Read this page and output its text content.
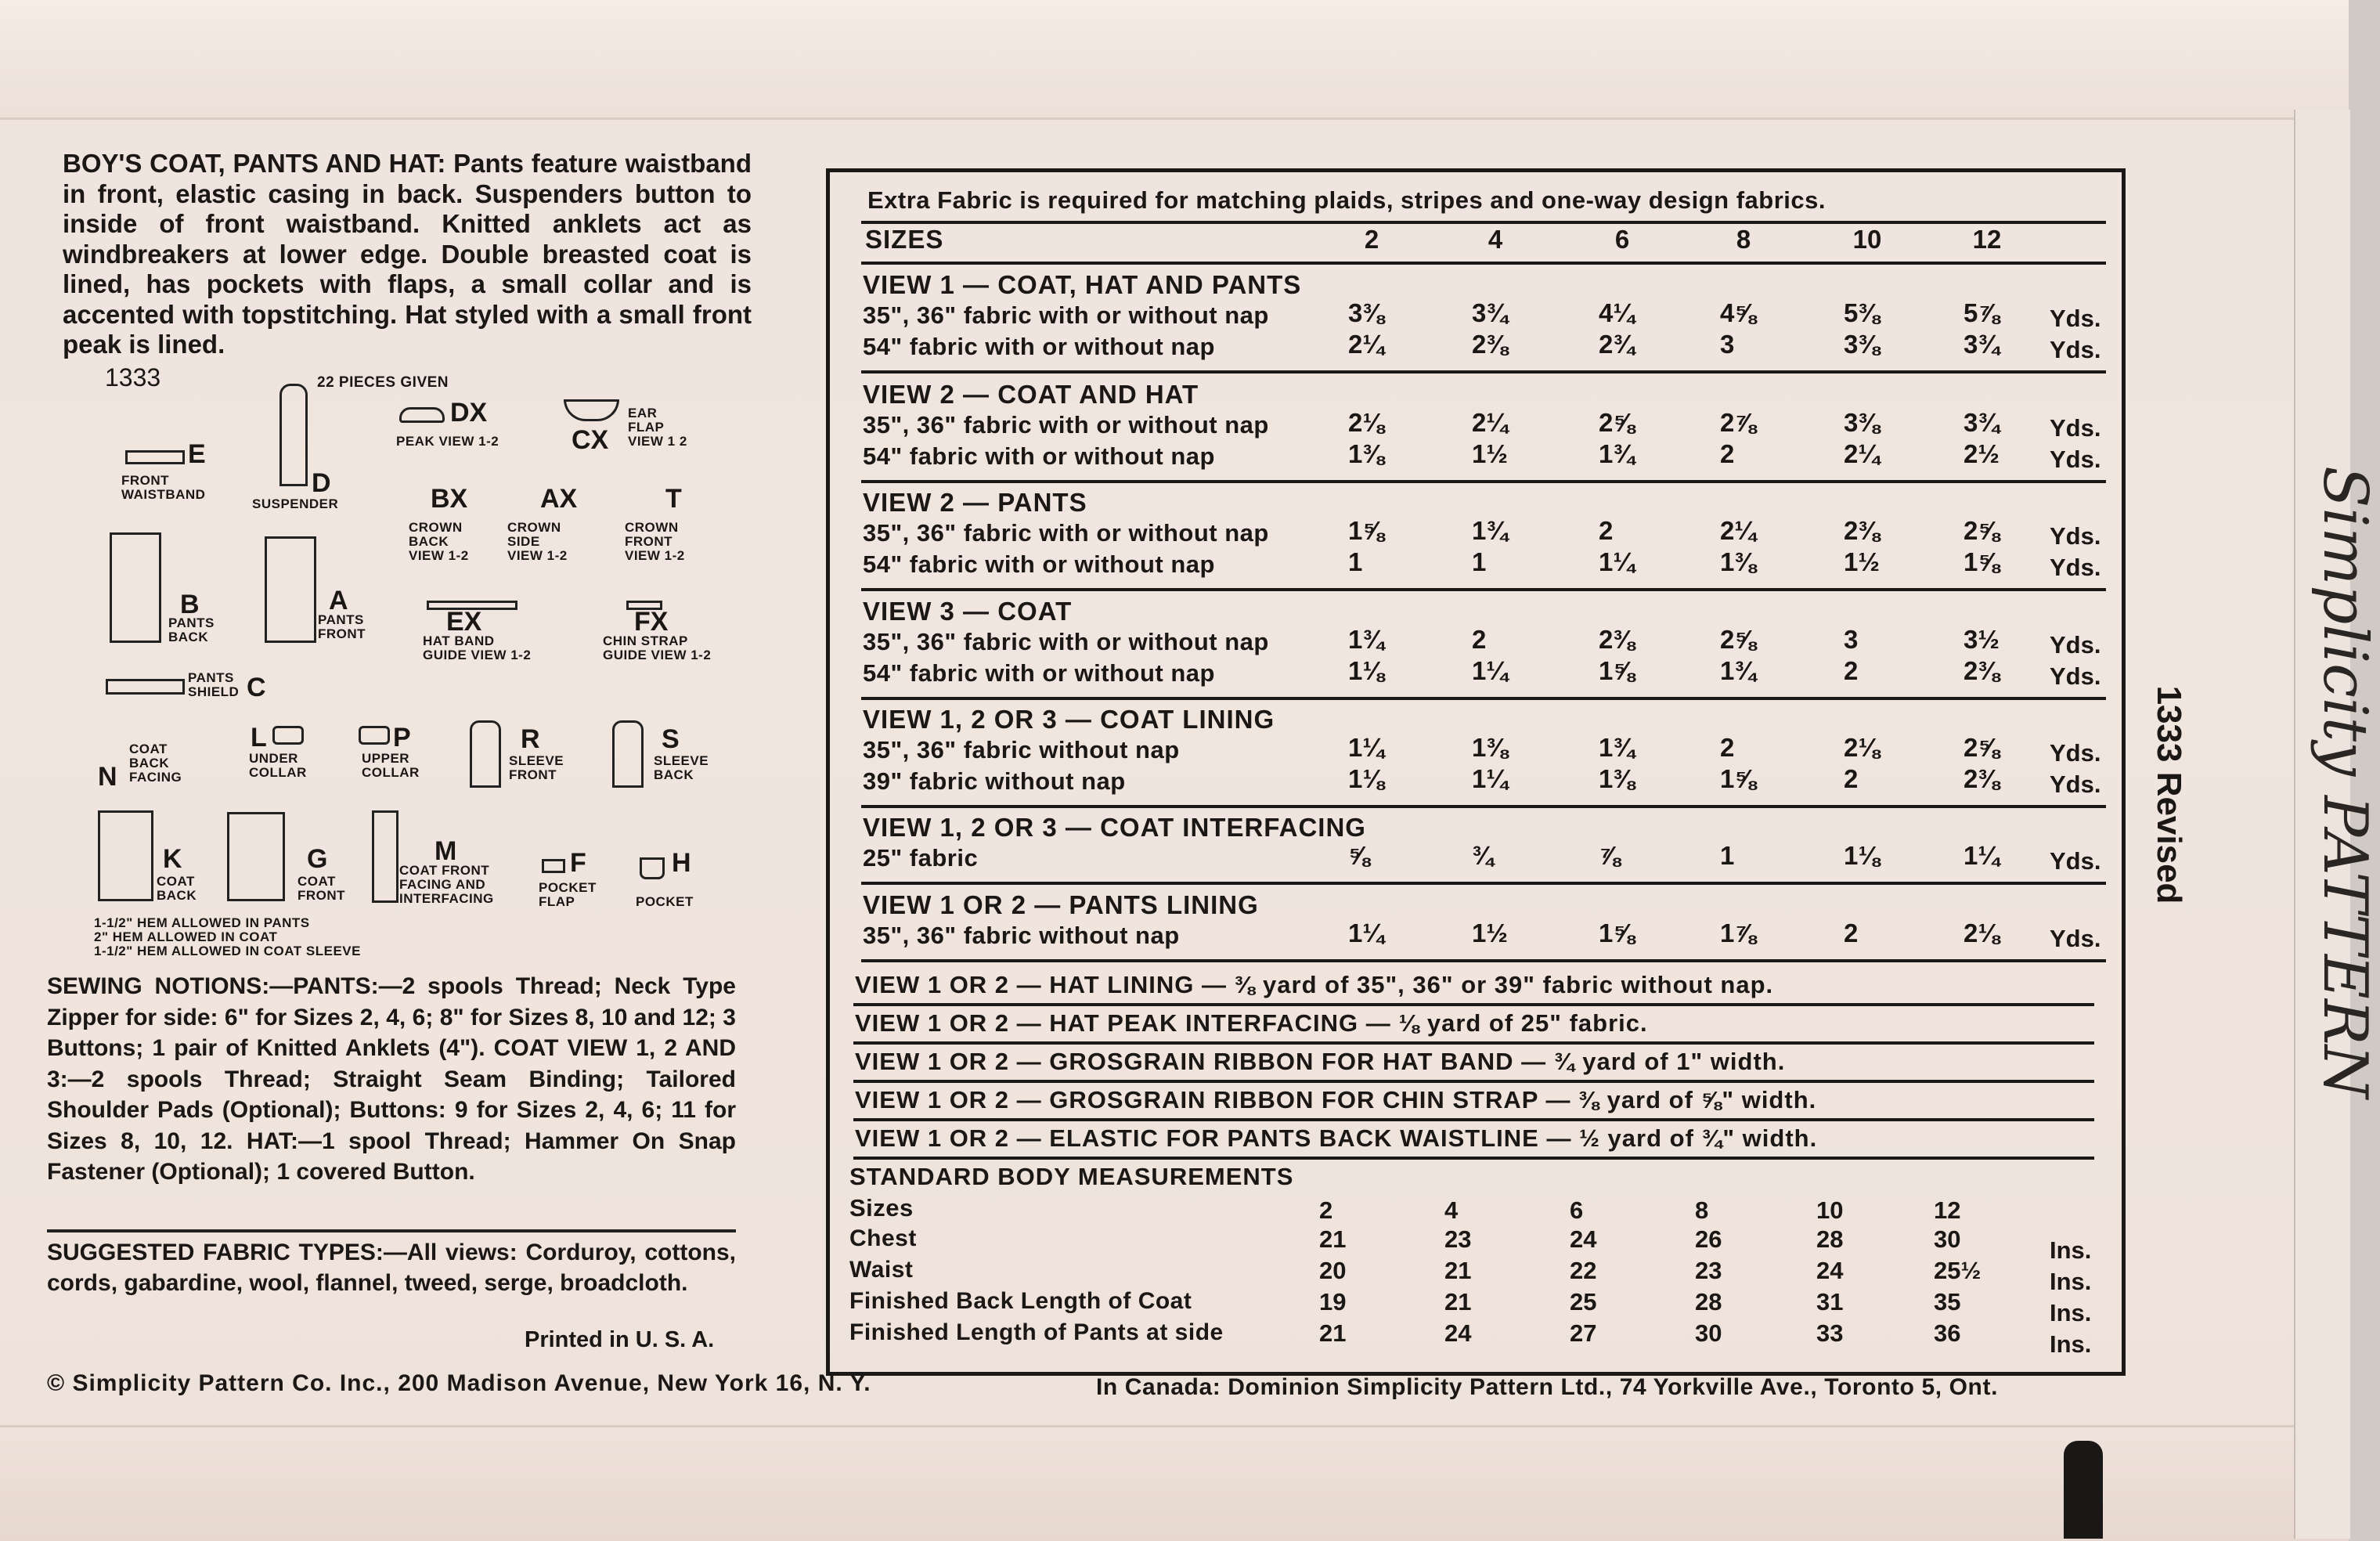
BOY'S COAT, PANTS AND HAT: Pants feature waistband in front, elastic casing in back. Suspenders button to inside of front waistband. Knitted anklets act as windbreakers at lower edge. Double breasted coat is lined, has pockets with flaps, a small collar and is accented with topstitching. Hat styled with a small front peak is lined.

1333	22 PIECES GIVEN
DX
PEAK VIEW 1-2	CX
EAR
FLAP
VIEW 1 2
E
FRONT
WAISTBAND	D
SUSPENDER	BX
CROWN
BACK
VIEW 1-2
AX
CROWN
SIDE
VIEW 1-2
T
CROWN
FRONT
VIEW 1-2
B
PANTS
BACK
A
PANTS
FRONT	EX
HAT BAND
GUIDE VIEW 1-2
FX
CHIN STRAP
GUIDE VIEW 1-2
PANTS
SHIELD C
N
COAT
BACK
FACING
L
UNDER
COLLAR
P
UPPER
COLLAR
R
SLEEVE
FRONT
S
SLEEVE
BACK
K
COAT
BACK
G
COAT
FRONT
M
COAT FRONT
FACING AND
INTERFACING
F
POCKET
FLAP
H
POCKET
1-1/2" HEM ALLOWED IN PANTS
2" HEM ALLOWED IN COAT
1-1/2" HEM ALLOWED IN COAT SLEEVE

SEWING NOTIONS:—PANTS:—2 spools Thread; Neck Type Zipper for side: 6" for Sizes 2, 4, 6; 8" for Sizes 8, 10 and 12; 3 Buttons; 1 pair of Knitted Anklets (4"). COAT VIEW 1, 2 AND 3:—2 spools Thread; Straight Seam Binding; Tailored Shoulder Pads (Optional); Buttons: 9 for Sizes 2, 4, 6; 11 for Sizes 8, 10, 12. HAT:—1 spool Thread; Hammer On Snap Fastener (Optional); 1 covered Button.

SUGGESTED FABRIC TYPES:—All views: Corduroy, cottons, cords, gabardine, wool, flannel, tweed, serge, broadcloth.

Printed in U. S. A.
© Simplicity Pattern Co. Inc., 200 Madison Avenue, New York 16, N. Y.	In Canada: Dominion Simplicity Pattern Ltd., 74 Yorkville Ave., Toronto 5, Ont.
Extra Fabric is required for matching plaids, stripes and one-way design fabrics.
SIZES	2	4	6	8	10	12
VIEW 1 — COAT, HAT AND PANTS
35", 36" fabric with or without nap	3⅜	3¾	4¼	4⅝	5⅜	5⅞	Yds.
54" fabric with or without nap	2¼	2⅜	2¾	3	3⅜	3¾	Yds.
VIEW 2 — COAT AND HAT
35", 36" fabric with or without nap	2⅛	2¼	2⅝	2⅞	3⅜	3¾	Yds.
54" fabric with or without nap	1⅜	1½	1¾	2	2¼	2½	Yds.
VIEW 2 — PANTS
35", 36" fabric with or without nap	1⅝	1¾	2	2¼	2⅜	2⅝	Yds.
54" fabric with or without nap	1	1	1¼	1⅜	1½	1⅝	Yds.
VIEW 3 — COAT
35", 36" fabric with or without nap	1¾	2	2⅜	2⅝	3	3½	Yds.
54" fabric with or without nap	1⅛	1¼	1⅝	1¾	2	2⅜	Yds.
VIEW 1, 2 OR 3 — COAT LINING
35", 36" fabric without nap	1¼	1⅜	1¾	2	2⅛	2⅝	Yds.
39" fabric without nap	1⅛	1¼	1⅜	1⅝	2	2⅜	Yds.
VIEW 1, 2 OR 3 — COAT INTERFACING
25" fabric	⅝	¾	⅞	1	1⅛	1¼	Yds.
VIEW 1 OR 2 — PANTS LINING
35", 36" fabric without nap	1¼	1½	1⅝	1⅞	2	2⅛	Yds.
VIEW 1 OR 2 — HAT LINING — ⅜ yard of 35", 36" or 39" fabric without nap.
VIEW 1 OR 2 — HAT PEAK INTERFACING — ⅛ yard of 25" fabric.
VIEW 1 OR 2 — GROSGRAIN RIBBON FOR HAT BAND — ¾ yard of 1" width.
VIEW 1 OR 2 — GROSGRAIN RIBBON FOR CHIN STRAP — ⅜ yard of ⅝" width.
VIEW 1 OR 2 — ELASTIC FOR PANTS BACK WAISTLINE — ½ yard of ¾" width.
STANDARD BODY MEASUREMENTS
Sizes	2	4	6	8	10	12
Chest	21	23	24	26	28	30	Ins.
Waist	20	21	22	23	24	25½	Ins.
Finished Back Length of Coat	19	21	25	28	31	35	Ins.
Finished Length of Pants at side	21	24	27	30	33	36	Ins.
1333 Revised Simplicity PATTERN
